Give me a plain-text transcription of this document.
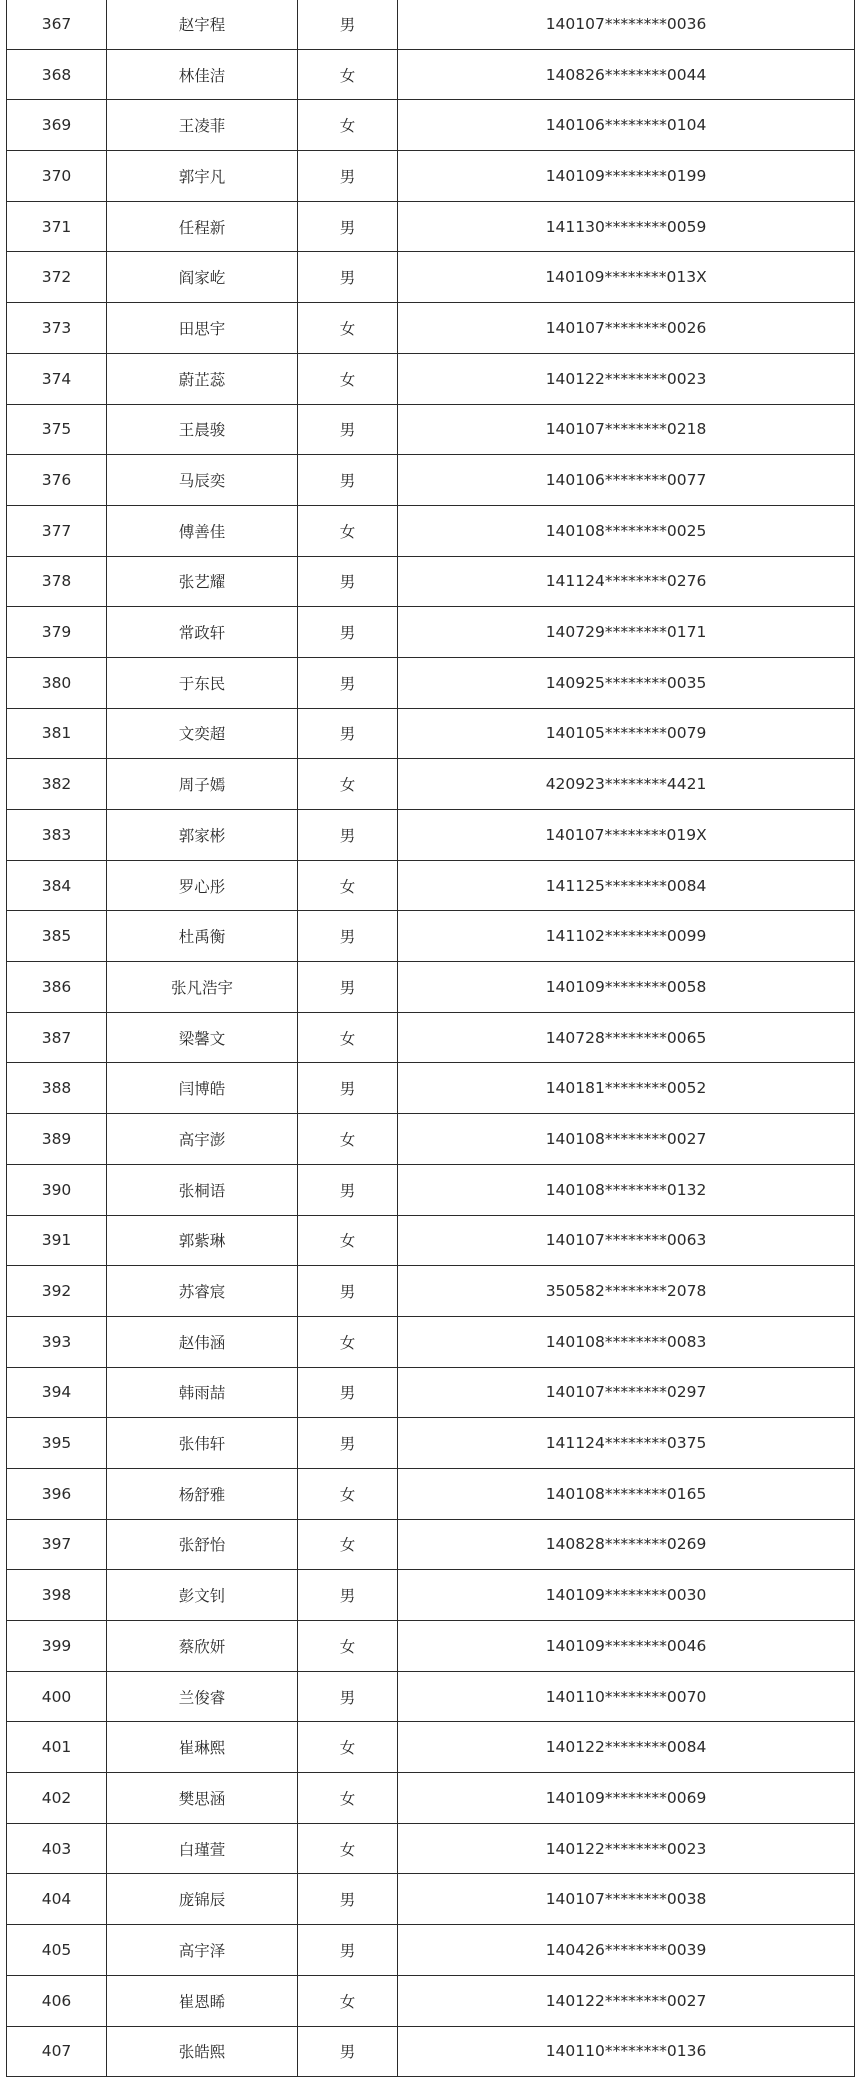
367	赵宇程	男	140107********0036
368	林佳洁	女	140826********0044
369	王凌菲	女	140106********0104
370	郭宇凡	男	140109********0199
371	任程新	男	141130********0059
372	阎家屹	男	140109********013X
373	田思宇	女	140107********0026
374	蔚芷蕊	女	140122********0023
375	王晨骏	男	140107********0218
376	马辰奕	男	140106********0077
377	傅善佳	女	140108********0025
378	张艺耀	男	141124********0276
379	常政轩	男	140729********0171
380	于东民	男	140925********0035
381	文奕超	男	140105********0079
382	周子嫣	女	420923********4421
383	郭家彬	男	140107********019X
384	罗心彤	女	141125********0084
385	杜禹衡	男	141102********0099
386	张凡浩宇	男	140109********0058
387	梁馨文	女	140728********0065
388	闫博皓	男	140181********0052
389	高宇澎	女	140108********0027
390	张桐语	男	140108********0132
391	郭紫琳	女	140107********0063
392	苏睿宸	男	350582********2078
393	赵伟涵	女	140108********0083
394	韩雨喆	男	140107********0297
395	张伟轩	男	141124********0375
396	杨舒雅	女	140108********0165
397	张舒怡	女	140828********0269
398	彭文钊	男	140109********0030
399	蔡欣妍	女	140109********0046
400	兰俊睿	男	140110********0070
401	崔琳熙	女	140122********0084
402	樊思涵	女	140109********0069
403	白瑾萱	女	140122********0023
404	庞锦辰	男	140107********0038
405	高宇泽	男	140426********0039
406	崔恩睎	女	140122********0027
407	张皓熙	男	140110********0136
